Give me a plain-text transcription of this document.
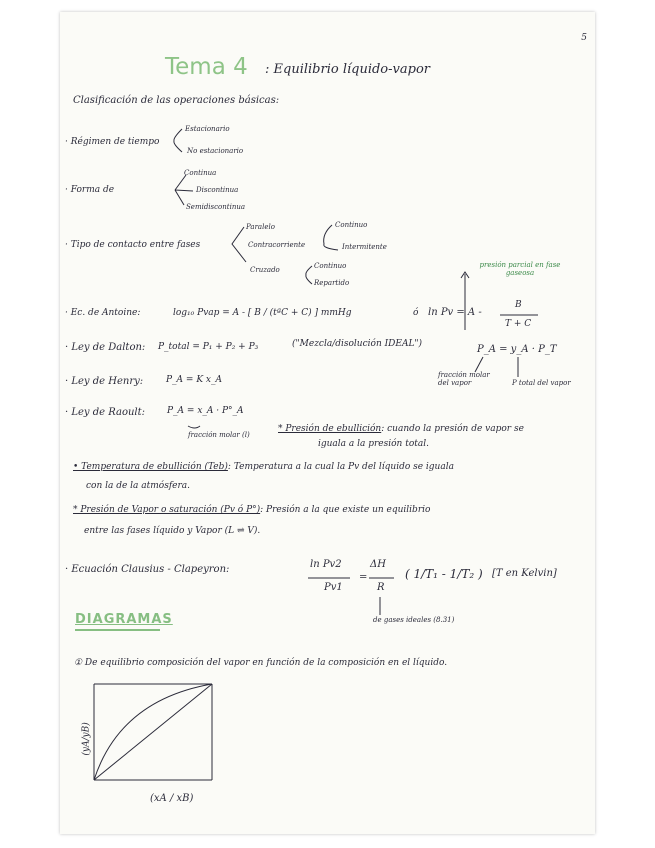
5
Tema 4 : Equilibrio líquido-vapor
Clasificación de las operaciones básicas:
· Régimen de tiempo
Estacionario
No estacionario
· Forma de
Continua
Discontinua
Semidiscontinua
· Tipo de contacto entre fases
Paralelo
Contracorriente
Cruzado
Continuo
Intermitente
Continuo
Repartido
presión parcial en fase gaseosa
· Ec. de Antoine:	log₁₀ Pvap = A - [ B / (tªC + C) ] mmHg	ó ln Pv = A -
B
T + C
· Ley de Dalton: P_total = P₁ + P₂ + P₃	("Mezcla/disolución IDEAL")	P_A = y_A · P_T
fracción molar del vapor	P total del vapor
· Ley de Henry:	P_A = K x_A
· Ley de Raoult: P_A = x_A · P°_A
fracción molar (l)
* Presión de ebullición: cuando la presión de vapor se
iguala a la presión total.
• Temperatura de ebullición (Teb): Temperatura a la cual la Pv del líquido se iguala
con la de la atmósfera.
* Presión de Vapor o saturación (Pv ó P°): Presión a la que existe un equilibrio
entre las fases líquido y Vapor (L ⇌ V).
· Ecuación Clausius - Clapeyron:	ln Pv2
Pv1
=
ΔH
R
( 1/T₁ - 1/T₂ ) [T en Kelvin]
de gases ideales (8.31)
DIAGRAMAS
① De equilibrio composición del vapor en función de la composición en el líquido.
(yA/yB)
(xA / xB)
